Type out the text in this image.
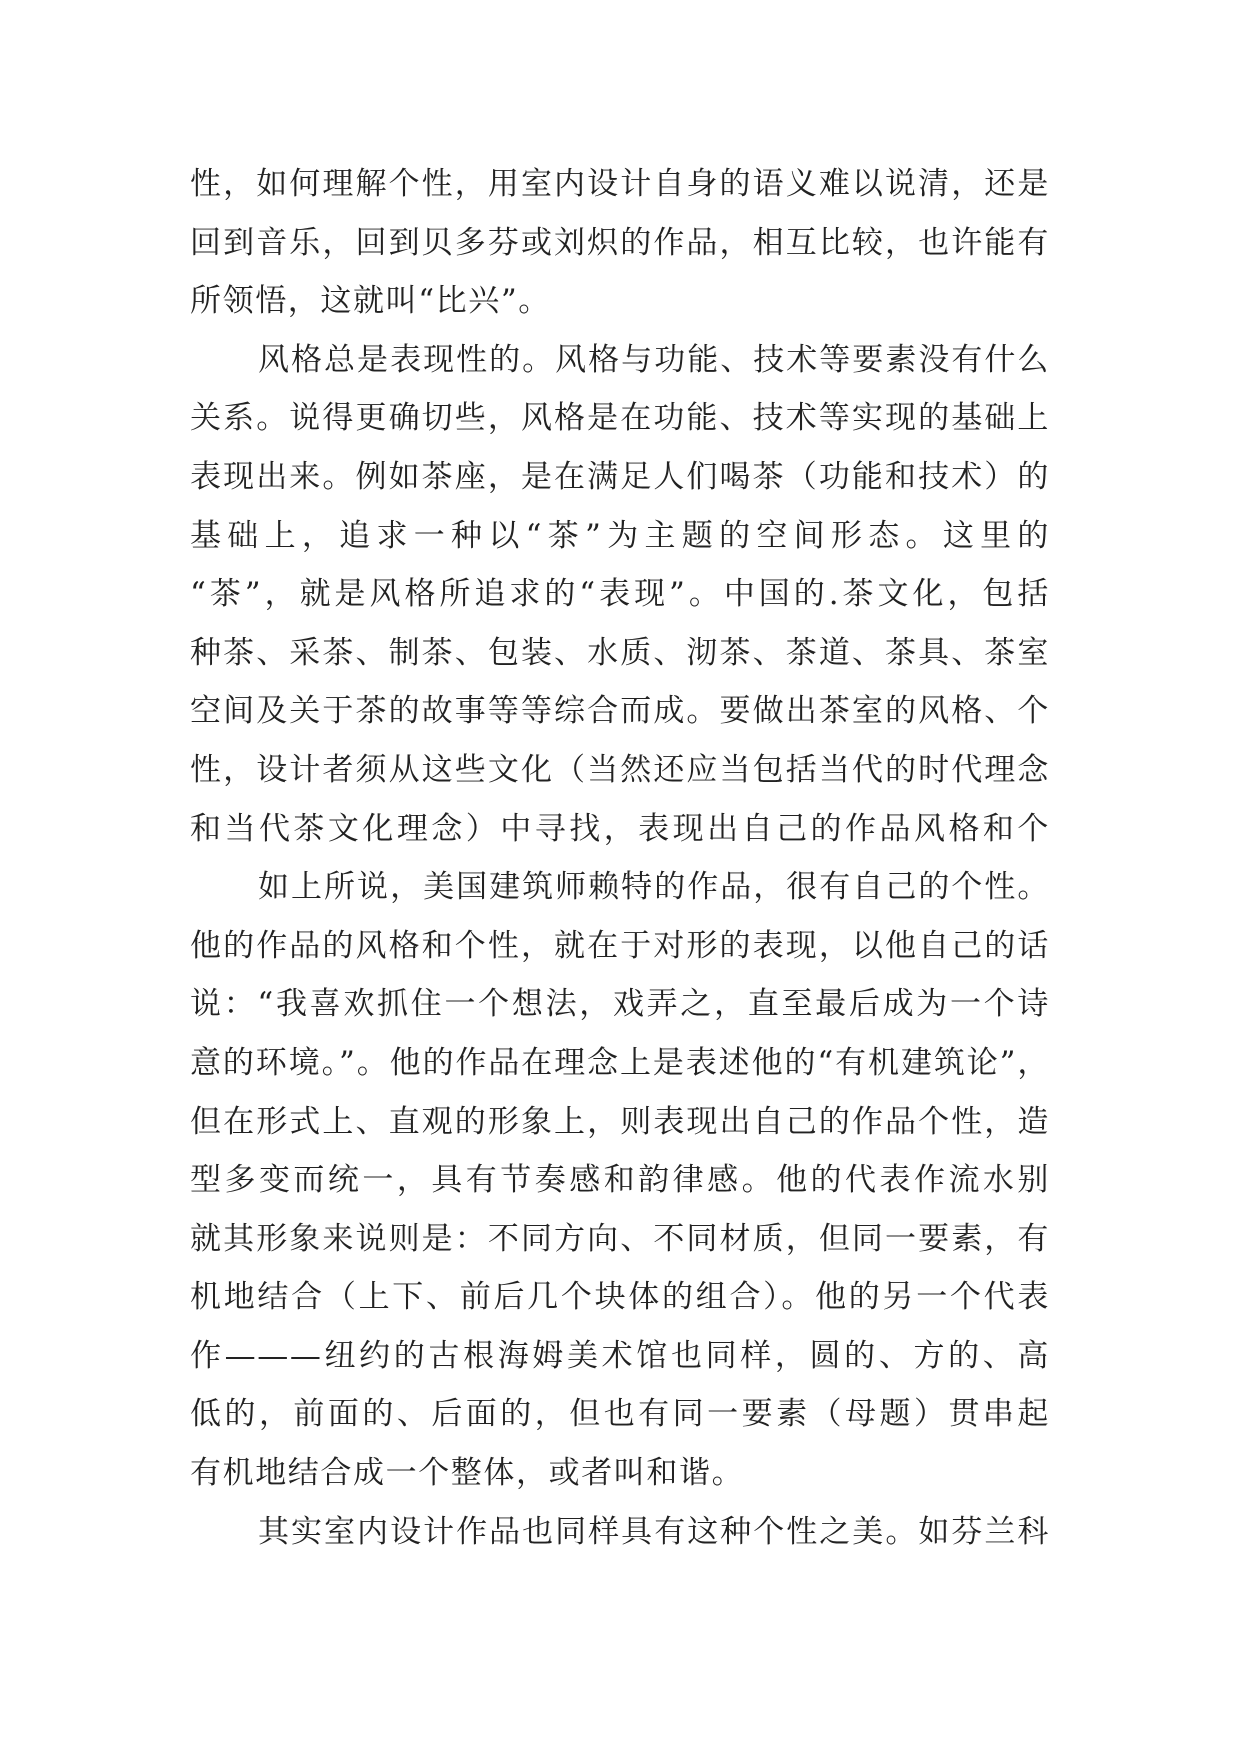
性，如何理解个性，用室内设计自身的语义难以说清，还是
回到音乐，回到贝多芬或刘炽的作品，相互比较，也许能有
所领悟，这就叫“比兴”。
风格总是表现性的。风格与功能、技术等要素没有什么
关系。说得更确切些，风格是在功能、技术等实现的基础上
表现出来。例如茶座，是在满足人们喝茶（功能和技术）的
基础上，追求一种以“茶”为主题的空间形态。这里的
“茶”，就是风格所追求的“表现”。中国的.茶文化，包括
种茶、采茶、制茶、包装、水质、沏茶、茶道、茶具、茶室
空间及关于茶的故事等等综合而成。要做出茶室的风格、个
性，设计者须从这些文化（当然还应当包括当代的时代理念
和当代茶文化理念）中寻找，表现出自己的作品风格和个
如上所说，美国建筑师赖特的作品，很有自己的个性。
他的作品的风格和个性，就在于对形的表现，以他自己的话
说：“我喜欢抓住一个想法，戏弄之，直至最后成为一个诗
意的环境。”。他的作品在理念上是表述他的“有机建筑论”，
但在形式上、直观的形象上，则表现出自己的作品个性，造
型多变而统一，具有节奏感和韵律感。他的代表作流水别
就其形象来说则是：不同方向、不同材质，但同一要素，有
机地结合（上下、前后几个块体的组合）。他的另一个代表
作———纽约的古根海姆美术馆也同样，圆的、方的、高
低的，前面的、后面的，但也有同一要素（母题）贯串起
有机地结合成一个整体，或者叫和谐。
其实室内设计作品也同样具有这种个性之美。如芬兰科
